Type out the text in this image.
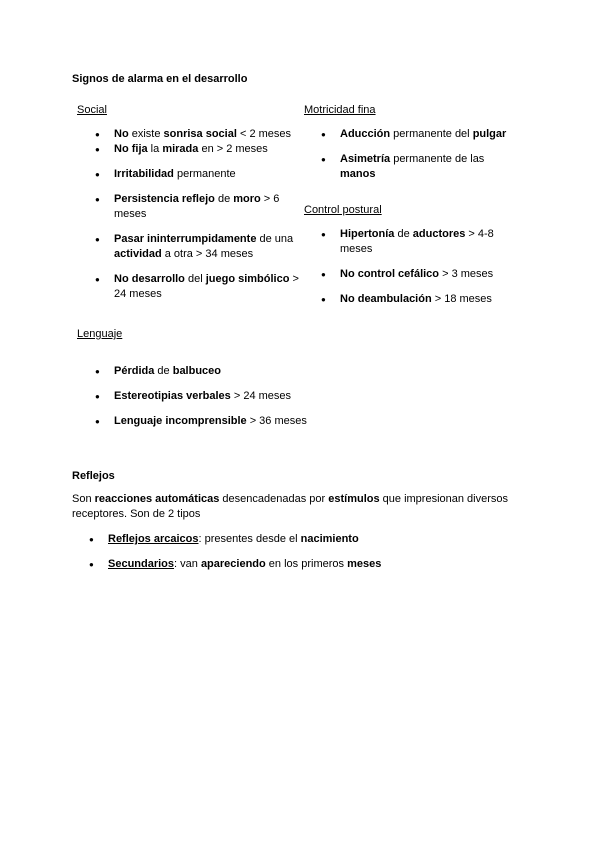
Signos de alarma en el desarrollo
Social
● No existe sonrisa social < 2 meses
● No fija la mirada en > 2 meses
● Irritabilidad permanente
● Persistencia reflejo de moro > 6 meses
● Pasar ininterrumpidamente de una actividad a otra > 34 meses
● No desarrollo del juego simbólico > 24 meses
Motricidad fina
● Aducción permanente del pulgar
● Asimetría permanente de las manos
Control postural
● Hipertonía de aductores > 4-8 meses
● No control cefálico > 3 meses
● No deambulación > 18 meses
Lenguaje
● Pérdida de balbuceo
● Estereotipias verbales > 24 meses
● Lenguaje incomprensible > 36 meses
Reflejos

Son reacciones automáticas desencadenadas por estímulos que impresionan diversos receptores. Son de 2 tipos

● Reflejos arcaicos: presentes desde el nacimiento
● Secundarios: van apareciendo en los primeros meses
